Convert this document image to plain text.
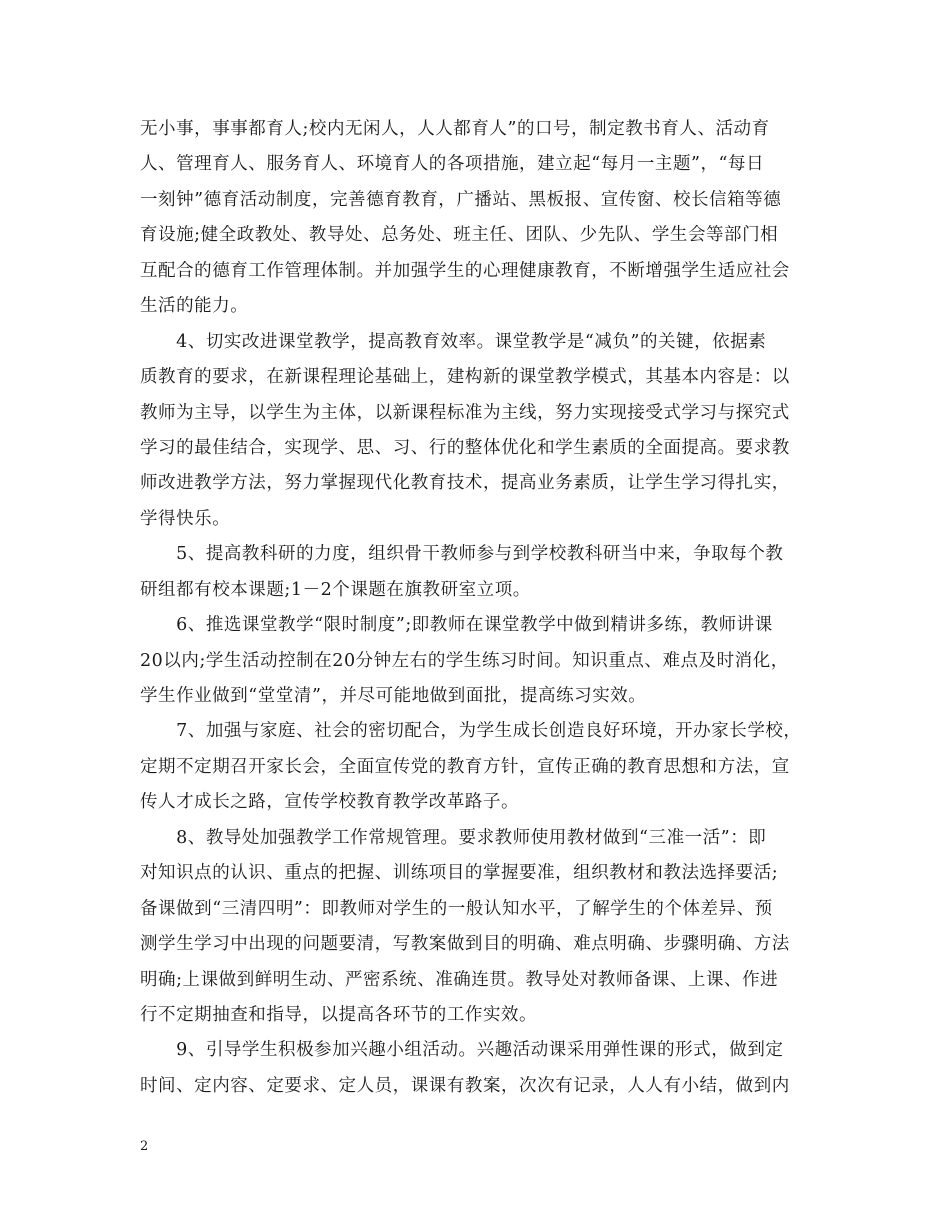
无小事，事事都育人;校内无闲人，人人都育人”的口号，制定教书育人、活动育
人、管理育人、服务育人、环境育人的各项措施，建立起“每月一主题”，“每日
一刻钟”德育活动制度，完善德育教育，广播站、黑板报、宣传窗、校长信箱等德
育设施;健全政教处、教导处、总务处、班主任、团队、少先队、学生会等部门相
互配合的德育工作管理体制。并加强学生的心理健康教育，不断增强学生适应社会
生活的能力。
　　4、切实改进课堂教学，提高教育效率。课堂教学是“减负”的关键，依据素
质教育的要求，在新课程理论基础上，建构新的课堂教学模式，其基本内容是：以
教师为主导，以学生为主体，以新课程标准为主线，努力实现接受式学习与探究式
学习的最佳结合，实现学、思、习、行的整体优化和学生素质的全面提高。要求教
师改进教学方法，努力掌握现代化教育技术，提高业务素质，让学生学习得扎实，
学得快乐。
　　5、提高教科研的力度，组织骨干教师参与到学校教科研当中来，争取每个教
研组都有校本课题;1－2个课题在旗教研室立项。
　　6、推选课堂教学“限时制度”;即教师在课堂教学中做到精讲多练，教师讲课
20以内;学生活动控制在20分钟左右的学生练习时间。知识重点、难点及时消化，
学生作业做到“堂堂清”，并尽可能地做到面批，提高练习实效。
　　7、加强与家庭、社会的密切配合，为学生成长创造良好环境，开办家长学校，
定期不定期召开家长会，全面宣传党的教育方针，宣传正确的教育思想和方法，宣
传人才成长之路，宣传学校教育教学改革路子。
　　8、教导处加强教学工作常规管理。要求教师使用教材做到“三准一活”：即
对知识点的认识、重点的把握、训练项目的掌握要准，组织教材和教法选择要活;
备课做到“三清四明”：即教师对学生的一般认知水平，了解学生的个体差异、预
测学生学习中出现的问题要清，写教案做到目的明确、难点明确、步骤明确、方法
明确;上课做到鲜明生动、严密系统、准确连贯。教导处对教师备课、上课、作进
行不定期抽查和指导，以提高各环节的工作实效。
　　9、引导学生积极参加兴趣小组活动。兴趣活动课采用弹性课的形式，做到定
时间、定内容、定要求、定人员，课课有教案，次次有记录，人人有小结，做到内
2
